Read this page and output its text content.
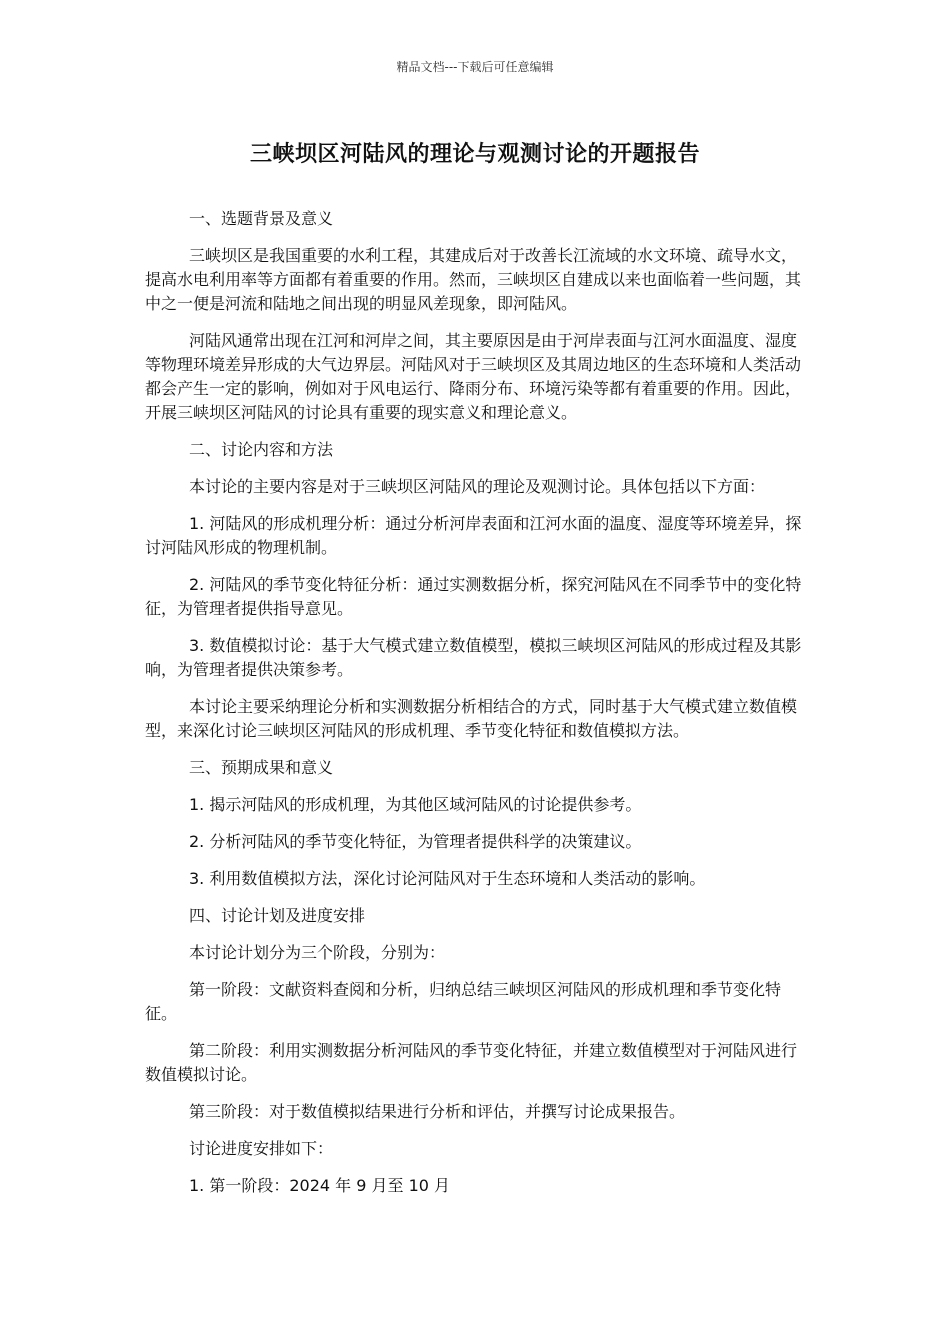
精品文档---下载后可任意编辑
三峡坝区河陆风的理论与观测讨论的开题报告

一、选题背景及意义

三峡坝区是我国重要的水利工程，其建成后对于改善长江流域的水文环境、疏导水文，提高水电利用率等方面都有着重要的作用。然而，三峡坝区自建成以来也面临着一些问题，其中之一便是河流和陆地之间出现的明显风差现象，即河陆风。

河陆风通常出现在江河和河岸之间，其主要原因是由于河岸表面与江河水面温度、湿度等物理环境差异形成的大气边界层。河陆风对于三峡坝区及其周边地区的生态环境和人类活动都会产生一定的影响，例如对于风电运行、降雨分布、环境污染等都有着重要的作用。因此，开展三峡坝区河陆风的讨论具有重要的现实意义和理论意义。

二、讨论内容和方法

本讨论的主要内容是对于三峡坝区河陆风的理论及观测讨论。具体包括以下方面：

1. 河陆风的形成机理分析：通过分析河岸表面和江河水面的温度、湿度等环境差异，探讨河陆风形成的物理机制。

2. 河陆风的季节变化特征分析：通过实测数据分析，探究河陆风在不同季节中的变化特征，为管理者提供指导意见。

3. 数值模拟讨论：基于大气模式建立数值模型，模拟三峡坝区河陆风的形成过程及其影响，为管理者提供决策参考。

本讨论主要采纳理论分析和实测数据分析相结合的方式，同时基于大气模式建立数值模型，来深化讨论三峡坝区河陆风的形成机理、季节变化特征和数值模拟方法。

三、预期成果和意义

1. 揭示河陆风的形成机理，为其他区域河陆风的讨论提供参考。

2. 分析河陆风的季节变化特征，为管理者提供科学的决策建议。

3. 利用数值模拟方法，深化讨论河陆风对于生态环境和人类活动的影响。

四、讨论计划及进度安排

本讨论计划分为三个阶段，分别为：

第一阶段：文献资料查阅和分析，归纳总结三峡坝区河陆风的形成机理和季节变化特征。

第二阶段：利用实测数据分析河陆风的季节变化特征，并建立数值模型对于河陆风进行数值模拟讨论。

第三阶段：对于数值模拟结果进行分析和评估，并撰写讨论成果报告。

讨论进度安排如下：

1. 第一阶段：2024 年 9 月至 10 月
